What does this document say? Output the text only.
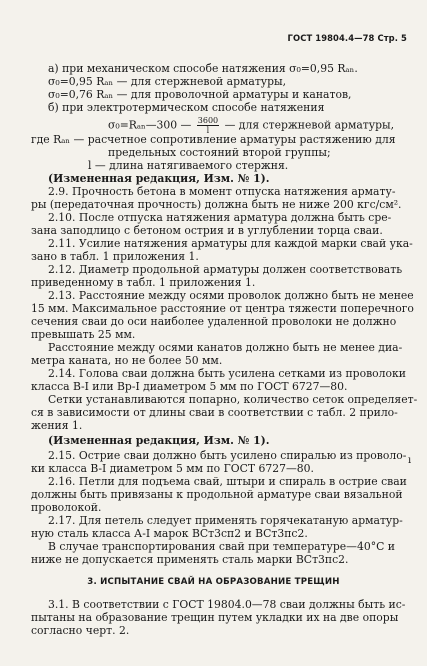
ГОСТ 19804.4—78 Стр. 5
а) при механическом способе натяжения σ₀=0,95 Rₐₙ.
σ₀=0,95 Rₐₙ — для стержневой арматуры,
σ₀=0,76 Rₐₙ — для проволочной арматуры и канатов,
б) при электротермическом способе натяжения
σ₀=Rₐₙ—300 — $\frac{3600}{l}$ — для стержневой арматуры,
где Rₐₙ — расчетное сопротивление арматуры растяжению для
предельных состояний второй группы;
l — длина натягиваемого стержня.
(Измененная редакция, Изм. № 1).
2.9. Прочность бетона в момент отпуска натяжения армату-
ры (передаточная прочность) должна быть не ниже 200 кгс/см².
2.10. После отпуска натяжения арматура должна быть сре-
зана заподлицо с бетоном острия и в углублении торца сваи.
2.11. Усилие натяжения арматуры для каждой марки свай ука-
зано в табл. 1 приложения 1.
2.12. Диаметр продольной арматуры должен соответствовать
приведенному в табл. 1 приложения 1.
2.13. Расстояние между осями проволок должно быть не менее
15 мм. Максимальное расстояние от центра тяжести поперечного
сечения сваи до оси наиболее удаленной проволоки не должно
превышать 25 мм.
Расстояние между осями канатов должно быть не менее диа-
метра каната, но не более 50 мм.
2.14. Голова сваи должна быть усилена сетками из проволоки
класса В-I или Вр-I диаметром 5 мм по ГОСТ 6727—80.
Сетки устанавливаются попарно, количество сеток определяет-
ся в зависимости от длины сваи в соответствии с табл. 2 прило-
жения 1.
(Измененная редакция, Изм. № 1).
2.15. Острие сваи должно быть усилено спиралью из проволо-
ки класса В-I диаметром 5 мм по ГОСТ 6727—80.
ı
2.16. Петли для подъема свай, штыри и спираль в острие сваи
должны быть привязаны к продольной арматуре сваи вязальной
проволокой.
2.17. Для петель следует применять горячекатаную арматур-
ную сталь класса А-I марок ВСт3сп2 и ВСт3пс2.
В случае транспортирования свай при температуре—40°С и
ниже не допускается применять сталь марки ВСт3пс2.
3. ИСПЫТАНИЕ СВАЙ НА ОБРАЗОВАНИЕ ТРЕЩИН
3.1. В соответствии с ГОСТ 19804.0—78 сваи должны быть ис-
пытаны на образование трещин путем укладки их на две опоры
согласно черт. 2.
